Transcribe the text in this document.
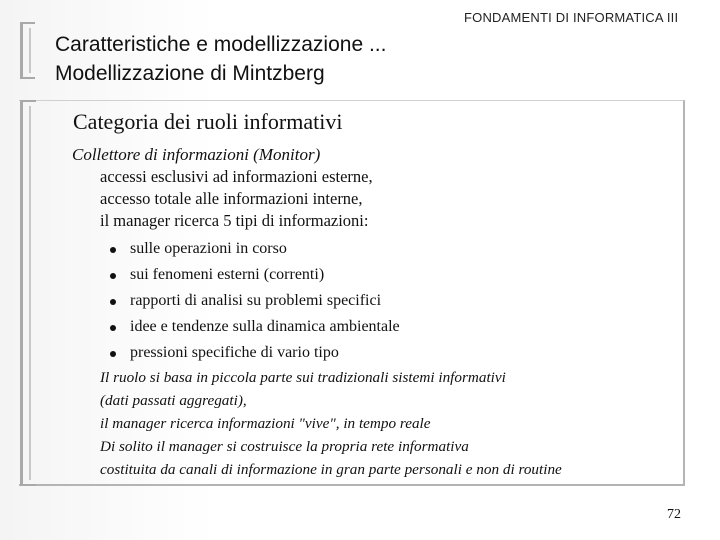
Caratteristiche e modellizzazione ...
Modellizzazione di Mintzberg
FONDAMENTI DI INFORMATICA III
Categoria dei ruoli informativi

Collettore di informazioni (Monitor)

accessi esclusivi ad informazioni esterne,

accesso totale alle informazioni interne,

il manager ricerca 5 tipi di informazioni:

sulle operazioni in corso
sui fenomeni esterni (correnti)
rapporti di analisi su problemi specifici
idee e tendenze sulla dinamica ambientale
pressioni specifiche di vario tipo

Il ruolo si basa in piccola parte sui tradizionali sistemi informativi

(dati passati aggregati),

il manager ricerca informazioni "vive", in tempo reale

Di solito il manager si costruisce la propria rete informativa

costituita da canali di informazione in gran parte personali e non di routine

72
